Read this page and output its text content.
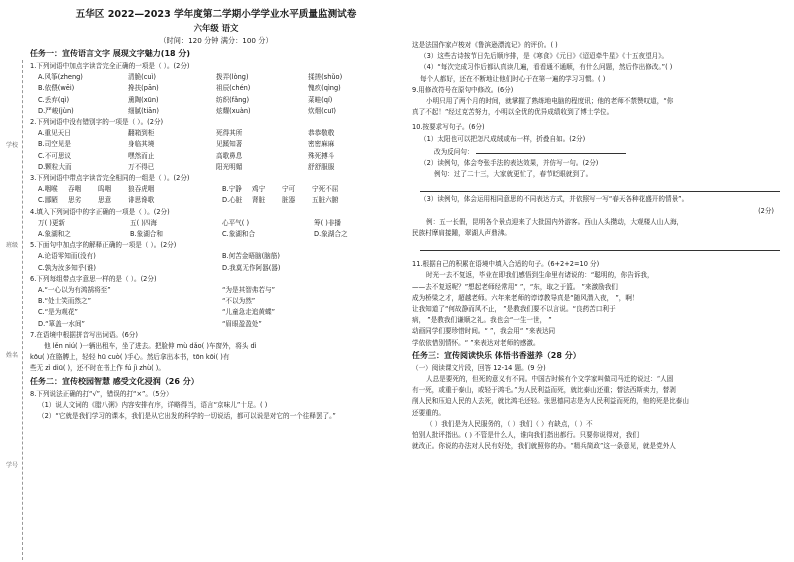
学校
班级
姓名
学号
五华区 2022—2023 学年度第二学期小学学业水平质量监测试卷
六年级 语文
（时间：120 分钟 满分：100 分）
任务一：宣传语言文字 展现文字魅力(18 分)
1.下列词语中加点字读音完全正确的一项是（ ）。(2分)
A.风筝(zheng)	清脆(cuì)	拨弄(lòng)	揉搓(shǔo)
B.依偎(wēi)	搀扶(pān)	祖辰(chén)	愧疚(qìng)
C.丢弃(qì)	熏陶(xūn)	纺织(fǎng)	菜畦(qí)
D.严峻(jùn)	细腻(tiān)	炫耀(xuàn)	炊烟(cuī)
2.下列词语中没有错别字的一项是（ ）。(2分)
A.重见天日	翻箱到柜	死得其所	恭恭敬敬
B.司空见是	身临其境	见蹊知著	密密麻麻
C.不可思议	嘿然而止	高歌鼻息	殊死搏斗
D.颗粒大而	万不得已	阳光明媚	舒舒服服
3.下列词语中带点字读音完全相同的一组是（ ）。(2分)
A.咽喉	吞咽	呜咽	狼吞虎咽	B.宁静	鸡宁	宁可	宁死不屈
C.鄙陋	思劣	思意	诽思谗歌	D.心脏	肾脏	脏器	五脏六腑
4.填入下列词语中的字正确的一项是（ ）。(2分)
万( )更新	五( )四海	心平气( )	筹( )非播
A.象湖和之	B.象湖合和	C.象湖和合	D.象湖合之
5.下面句中加点字的解释正确的一项是（ ）。(2分)
A.论语零知而(没有)	B.何苦金晤脑(脑筋)
C.孰为汝多知乎(谁)	D.我莫无作阿器(器)
6.下列每组带点字意思一样的是（ ）。(2分)
A.“一心以为有鸿鹄将至”	“为是其智弗若与”
B.“处士笑而然之”	“不以为然”
C.“是为观花”	“儿童急走追黄蝶”
D.“箪盖一水间”	“眉眼盈盈处”
7.在语境中根据拼音写出词语。(6分)
他 lěn niú( )一辆出租车，坐了进去。把脸伸 mù dǎo( )车窗外，将头 dì
kōu( )在胳膊上，轻轻 hū cuò( )手心。然后拿出本书，tōn kōi( )有
些无 zì diū( )，还不时在书上作 fú jì zhù( )。
任务二：宣传校园智慧 感受文化浸润（26 分）
8.下列说法正确的打“√”，错误的打“×”。（5分）
（1）说人文词的《腊八粥》内容安排有序，详略得当，语言“京味儿”十足。( )
（2）“它就是我们学习的课本，我们是从它出发的科学的一切说话，都可以说是对它的一个往释罢了。”
这是法国作家卢梭对《鲁滨逊漂流记》的评价。( )
（3）这些古诗按节日先后顺序排，是《寒食》《元日》《迢迢牵牛星》《十五夜望月》。
（4）“每次完成习作后都认真读几遍，看看通不通顺，有什么问题，然后作出修改。”( )
每个人都好，还在不断地让他们时心于在第一遍的学习习惯。( )
9.用修改符号在原句中修改。(6分)
小明只用了两个月的时间，就掌握了熟练地电脑的程度讯；他的老师不禁赞叹道，“你
真了不起！”经过克苦努力，小明以全优的优异成绩收到了博士学位。
10.按要求写句子。(6分)
（1）太阳也可以把怎尺成绒或布一样，折叠自如。(2分)
改为反问句：
（2）读例句，体会夸张手法的表达效果，并仿写一句。(2分)
例句：过了二十三，大家就更忙了，春节眨眼就到了。
（3）读例句，体会运用相同意思的不同表达方式，并依照写一写“春天各种花盛开的情景”。
(2分)
例：五一长假，昆明各个景点迎来了大批国内外游客。西山人头攒动，大观楼人山人海，
民族村摩肩接踵，翠湖人声鼎沸。
11.根据自己的积累在语境中填入合适的句子。(6+2+2=10 分)
时光一去不复返，毕业在即我们感悟到生命里有诸说的：“聪明的，你告诉我，
——去不复返呢？”想起老师经常用“ ”，“东，取之于篮。 ”来激励我们
成为桥梁之才，超越老师。六年来老师的谆谆教导真是“随风潜入夜， ”，啊！
让我知道了“何故静而风不止， ”是教我们要不以言说。“良药苦口利于
病， ”是教我们谦顺之礼。我也会“一生一世， ”
动画同学们要珍惜时间。“ ”，我会用“ ”来表达同
学依依惜别情怀。“ ”来表达对老师的感激。
任务三：宣传阅读快乐 体悟书香滋养（28 分）
（一）阅读课文片段，回答 12-14 题。(9 分)
人总是要死的，但死的意义有不同。中国古时候有个文学家叫做司马迁的说过：“人固
有一死，或重于泰山，或轻于鸿毛。”为人民利益而死，就比泰山还重；替法西斯卖力，替剥
削人民和压迫人民的人去死，就比鸿毛还轻。张思德同志是为人民利益而死的，他的死是比泰山
还要重的。
（ ）我们是为人民服务的，（ ）我们（ ）有缺点，（ ）不
怕别人批评指出。( ) 不管是什么人，谁向我们指出都行。只要你说得对，我们
就改正。你说的办法对人民有好处，我们就照你的办。“精兵简政”这一条意见，就是党外人
